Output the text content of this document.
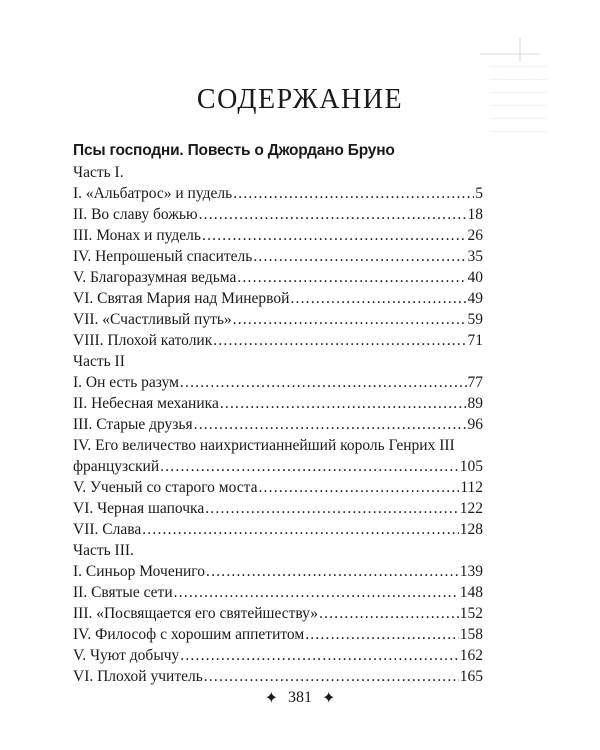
─────────
─────────
─────────
─────────
─────────
─────────
СОДЕРЖАНИЕ
Псы господни. Повесть о Джордано Бруно
Часть I.
I. «Альбатрос» и пудель .....	5
II. Во славу божью .....	18
III. Монах и пудель .....	26
IV. Непрошеный спаситель .....	35
V. Благоразумная ведьма .....	40
VI. Святая Мария над Минервой .....	49
VII. «Счастливый путь» .....	59
VIII. Плохой католик .....	71
Часть II
I. Он есть разум .....	77
II. Небесная механика .....	89
III. Старые друзья .....	96
IV. Его величество наихристианнейший король Генрих III
французский .....	105
V. Ученый со старого моста .....	112
VI. Черная шапочка .....	122
VII. Слава .....	128
Часть III.
I. Синьор Мочениго .....	139
II. Святые сети .....	148
III. «Посвящается его святейшеству» .....	152
IV. Философ с хорошим аппетитом .....	158
V. Чуют добычу .....	162
VI. Плохой учитель .....	165
✦ 381 ✦
